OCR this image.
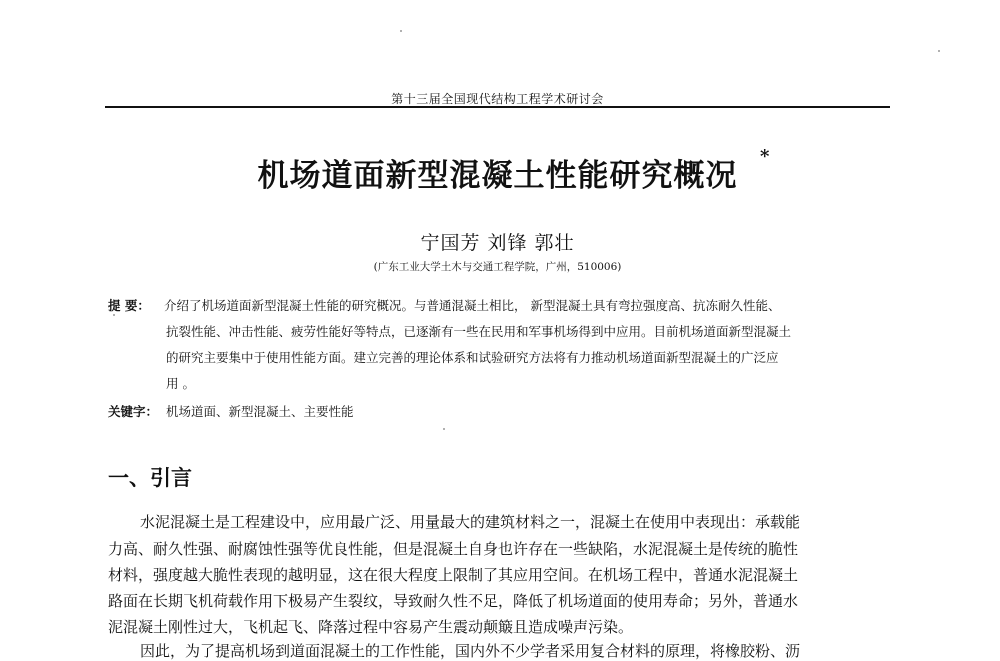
第十三届全国现代结构工程学术研讨会
机场道面新型混凝土性能研究概况
*
宁国芳 刘锋 郭壮
(广东工业大学土木与交通工程学院，广州，510006)
提 要： 介绍了机场道面新型混凝土性能的研究概况。与普通混凝土相比， 新型混凝土具有弯拉强度高、抗冻耐久性能、
抗裂性能、冲击性能、疲劳性能好等特点，已逐渐有一些在民用和军事机场得到中应用。目前机场道面新型混凝土
的研究主要集中于使用性能方面。建立完善的理论体系和试验研究方法将有力推动机场道面新型混凝土的广泛应
用 。
关键字： 机场道面、新型混凝土、主要性能
一、引言
水泥混凝土是工程建设中，应用最广泛、用量最大的建筑材料之一，混凝土在使用中表现出：承载能
力高、耐久性强、耐腐蚀性强等优良性能，但是混凝土自身也许存在一些缺陷，水泥混凝土是传统的脆性
材料，强度越大脆性表现的越明显，这在很大程度上限制了其应用空间。在机场工程中，普通水泥混凝土
路面在长期飞机荷载作用下极易产生裂纹，导致耐久性不足，降低了机场道面的使用寿命；另外，普通水
泥混凝土刚性过大，飞机起飞、降落过程中容易产生震动颠簸且造成噪声污染。
因此，为了提高机场到道面混凝土的工作性能，国内外不少学者采用复合材料的原理，将橡胶粉、沥
